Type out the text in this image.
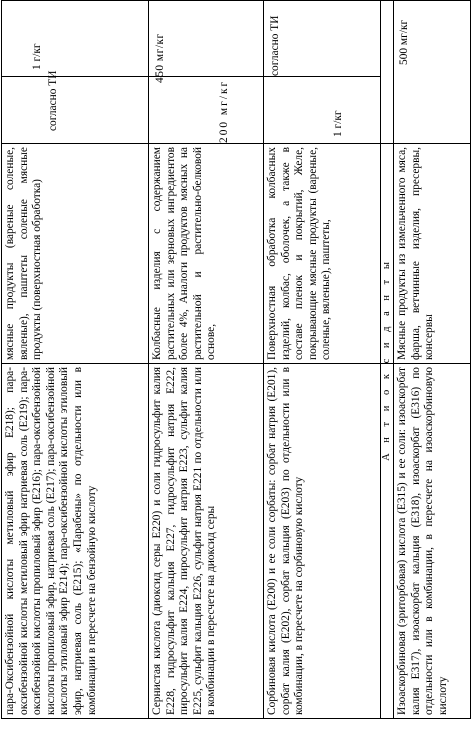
пара-Оксибензойной кислоты метиловый эфир Е218); пара-оксибензойной кислоты метиловый эфир натриевая соль (Е219); пара-оксибензойной кислоты пропиловый эфир (Е216); пара-оксибензойной кислоты пропиловый эфир, натриевая соль (Е217); пара-оксибензойной кислоты этиловый эфир Е214); пара-оксибензойной кислоты этиловый эфир, натриевая соль (Е215); «Парабены» по отдельности или в комбинации в пересчете на бензойную кислоту
мясные продукты (вареные соленые, вяленые), паштеты соленые мясные продукты (поверхностная обработка)
1 г/кг
согласно ТИ
Сернистая кислота (диоксид серы Е220) и соли гидросульфит калия Е228, гидросульфит кальция Е227, гидросульфит натрия Е222, пиросульфит калия Е224, пиросульфит натрия Е223, сульфит калия Е225, сульфит кальция Е226, сульфит натрия Е221 по отдельности или в комбинации в пересчете на диоксид серы
Колбасные изделия с содержанием растительных или зерновых ингредиентов более 4%, Аналоги продуктов мясных на растительной и растительно-белковой основе,
450 мг/кг
200 мг/кг
Сорбиновая кислота (Е200) и ее соли сорбаты: сорбат натрия (Е201), сорбат калия (Е202), сорбат кальция (Е203) по отдельности или в комбинации, в пересчете на сорбиновую кислоту
Поверхностная обработка колбасных изделий, колбас, оболочек, а также в составе пленок и покрытий, Желе, покрывающие мясные продукты (вареные, соленые, вяленые), паштеты,
согласно ТИ
1 г/кг
А н т и о к с и д а н т ы
Изоаскорбиновая (эриторбовая) кислота (Е315) и ее соли: изоаскорбат калия Е317), изоаскорбат кальция (Е318), изоаскорбат (Е316) по отдельности или в комбинации, в пересчете на изоаскорбиновую кислоту
Мясные продукты из измельченного мяса, фарша, ветчинные изделия, пресервы, консервы
500 мг/кг
